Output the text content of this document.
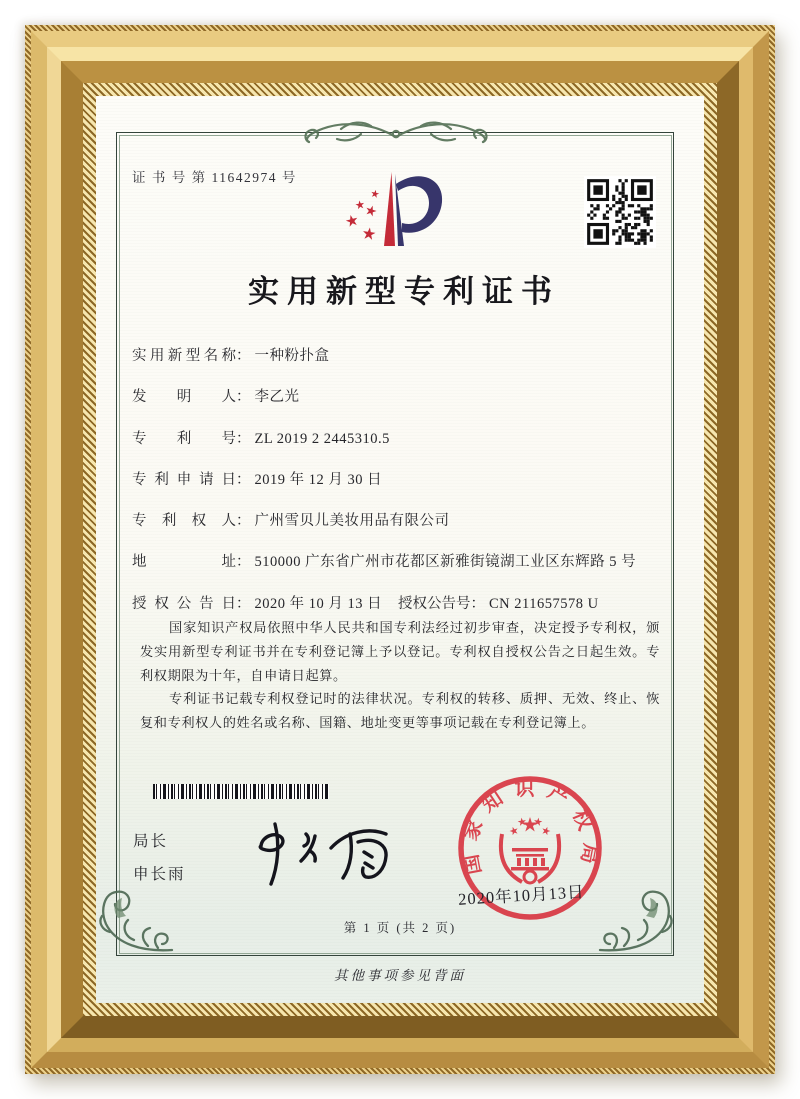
证 书 号 第 11642974 号
实用新型专利证书
实用新型名称： 一种粉扑盒
发明人： 李乙光
专利号： ZL 2019 2 2445310.5
专利申请日： 2019 年 12 月 30 日
专利权人： 广州雪贝儿美妆用品有限公司
地址： 510000 广东省广州市花都区新雅街镜湖工业区东辉路 5 号
授权公告日： 2020 年 10 月 13 日 授权公告号： CN 211657578 U

国家知识产权局依照中华人民共和国专利法经过初步审查，决定授予专利权，颁发实用新型专利证书并在专利登记簿上予以登记。专利权自授权公告之日起生效。专利权期限为十年，自申请日起算。

专利证书记载专利权登记时的法律状况。专利权的转移、质押、无效、终止、恢复和专利权人的姓名或名称、国籍、地址变更等事项记载在专利登记簿上。

局长
申长雨	国家知识产权局
2020年10月13日
第 1 页 (共 2 页)
其他事项参见背面
